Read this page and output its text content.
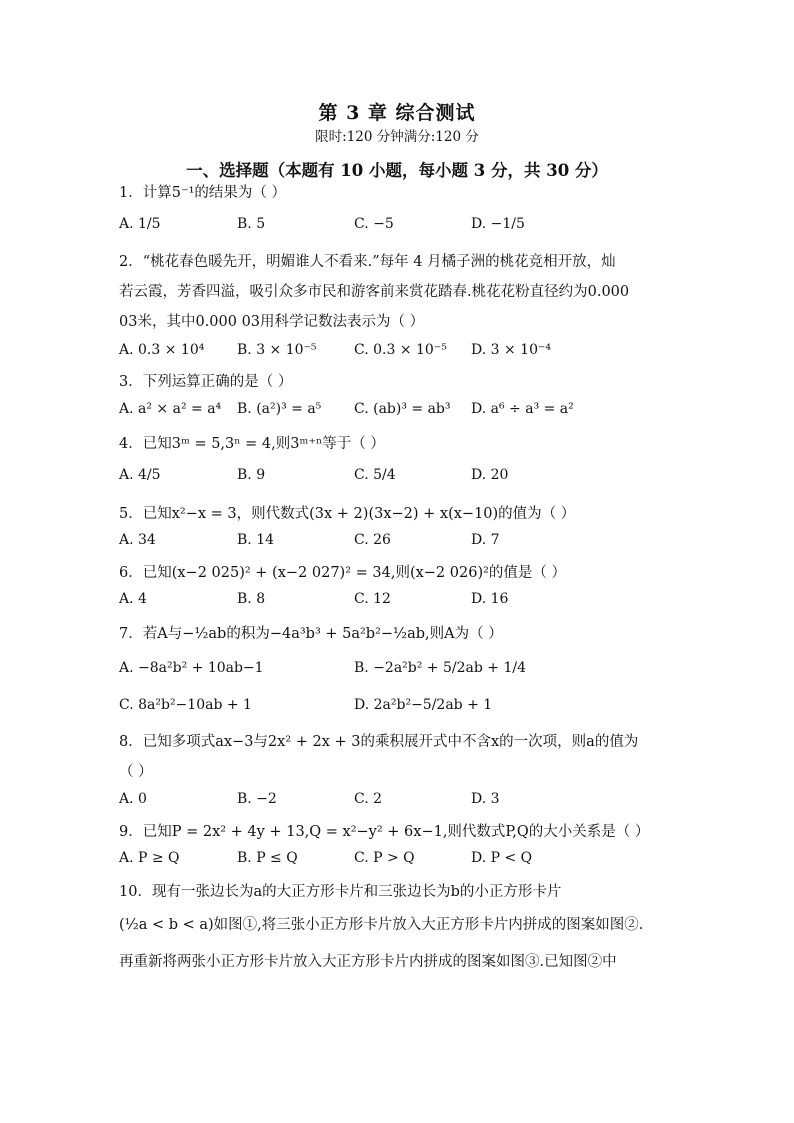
第 3 章 综合测试
限时:120 分钟满分:120 分
一、选择题（本题有 10 小题，每小题 3 分，共 30 分）
1．计算5⁻¹的结果为（ ）
A. 1/5	B. 5	C. −5	D. −1/5
2．“桃花春色暖先开，明媚谁人不看来.”每年 4 月橘子洲的桃花竞相开放，灿
若云霞，芳香四溢，吸引众多市民和游客前来赏花踏春.桃花花粉直径约为0.000
03米，其中0.000 03用科学记数法表示为（ ）
A. 0.3 × 10⁴ B. 3 × 10⁻⁵	C. 0.3 × 10⁻⁵ D. 3 × 10⁻⁴
3．下列运算正确的是（ ）
A. a² × a² = a⁴ B. (a²)³ = a⁵ C. (ab)³ = ab³ D. a⁶ ÷ a³ = a²
4．已知3ᵐ = 5,3ⁿ = 4,则3ᵐ⁺ⁿ等于（ ）
A. 4/5	B. 9	C. 5/4	D. 20
5．已知x²−x = 3，则代数式(3x + 2)(3x−2) + x(x−10)的值为（ ）
A. 34	B. 14	C. 26	D. 7
6．已知(x−2 025)² + (x−2 027)² = 34,则(x−2 026)²的值是（ ）
A. 4	B. 8	C. 12	D. 16
7．若A与−½ab的积为−4a³b³ + 5a²b²−½ab,则A为（ ）
A. −8a²b² + 10ab−1	B. −2a²b² + 5/2ab + 1/4
C. 8a²b²−10ab + 1	D. 2a²b²−5/2ab + 1
8．已知多项式ax−3与2x² + 2x + 3的乘积展开式中不含x的一次项，则a的值为
（ ）
A. 0	B. −2	C. 2	D. 3
9．已知P = 2x² + 4y + 13,Q = x²−y² + 6x−1,则代数式P,Q的大小关系是（ ）
A. P ≥ Q	B. P ≤ Q	C. P > Q	D. P < Q
10．现有一张边长为a的大正方形卡片和三张边长为b的小正方形卡片
(½a < b < a)如图①,将三张小正方形卡片放入大正方形卡片内拼成的图案如图②.
再重新将两张小正方形卡片放入大正方形卡片内拼成的图案如图③.已知图②中
